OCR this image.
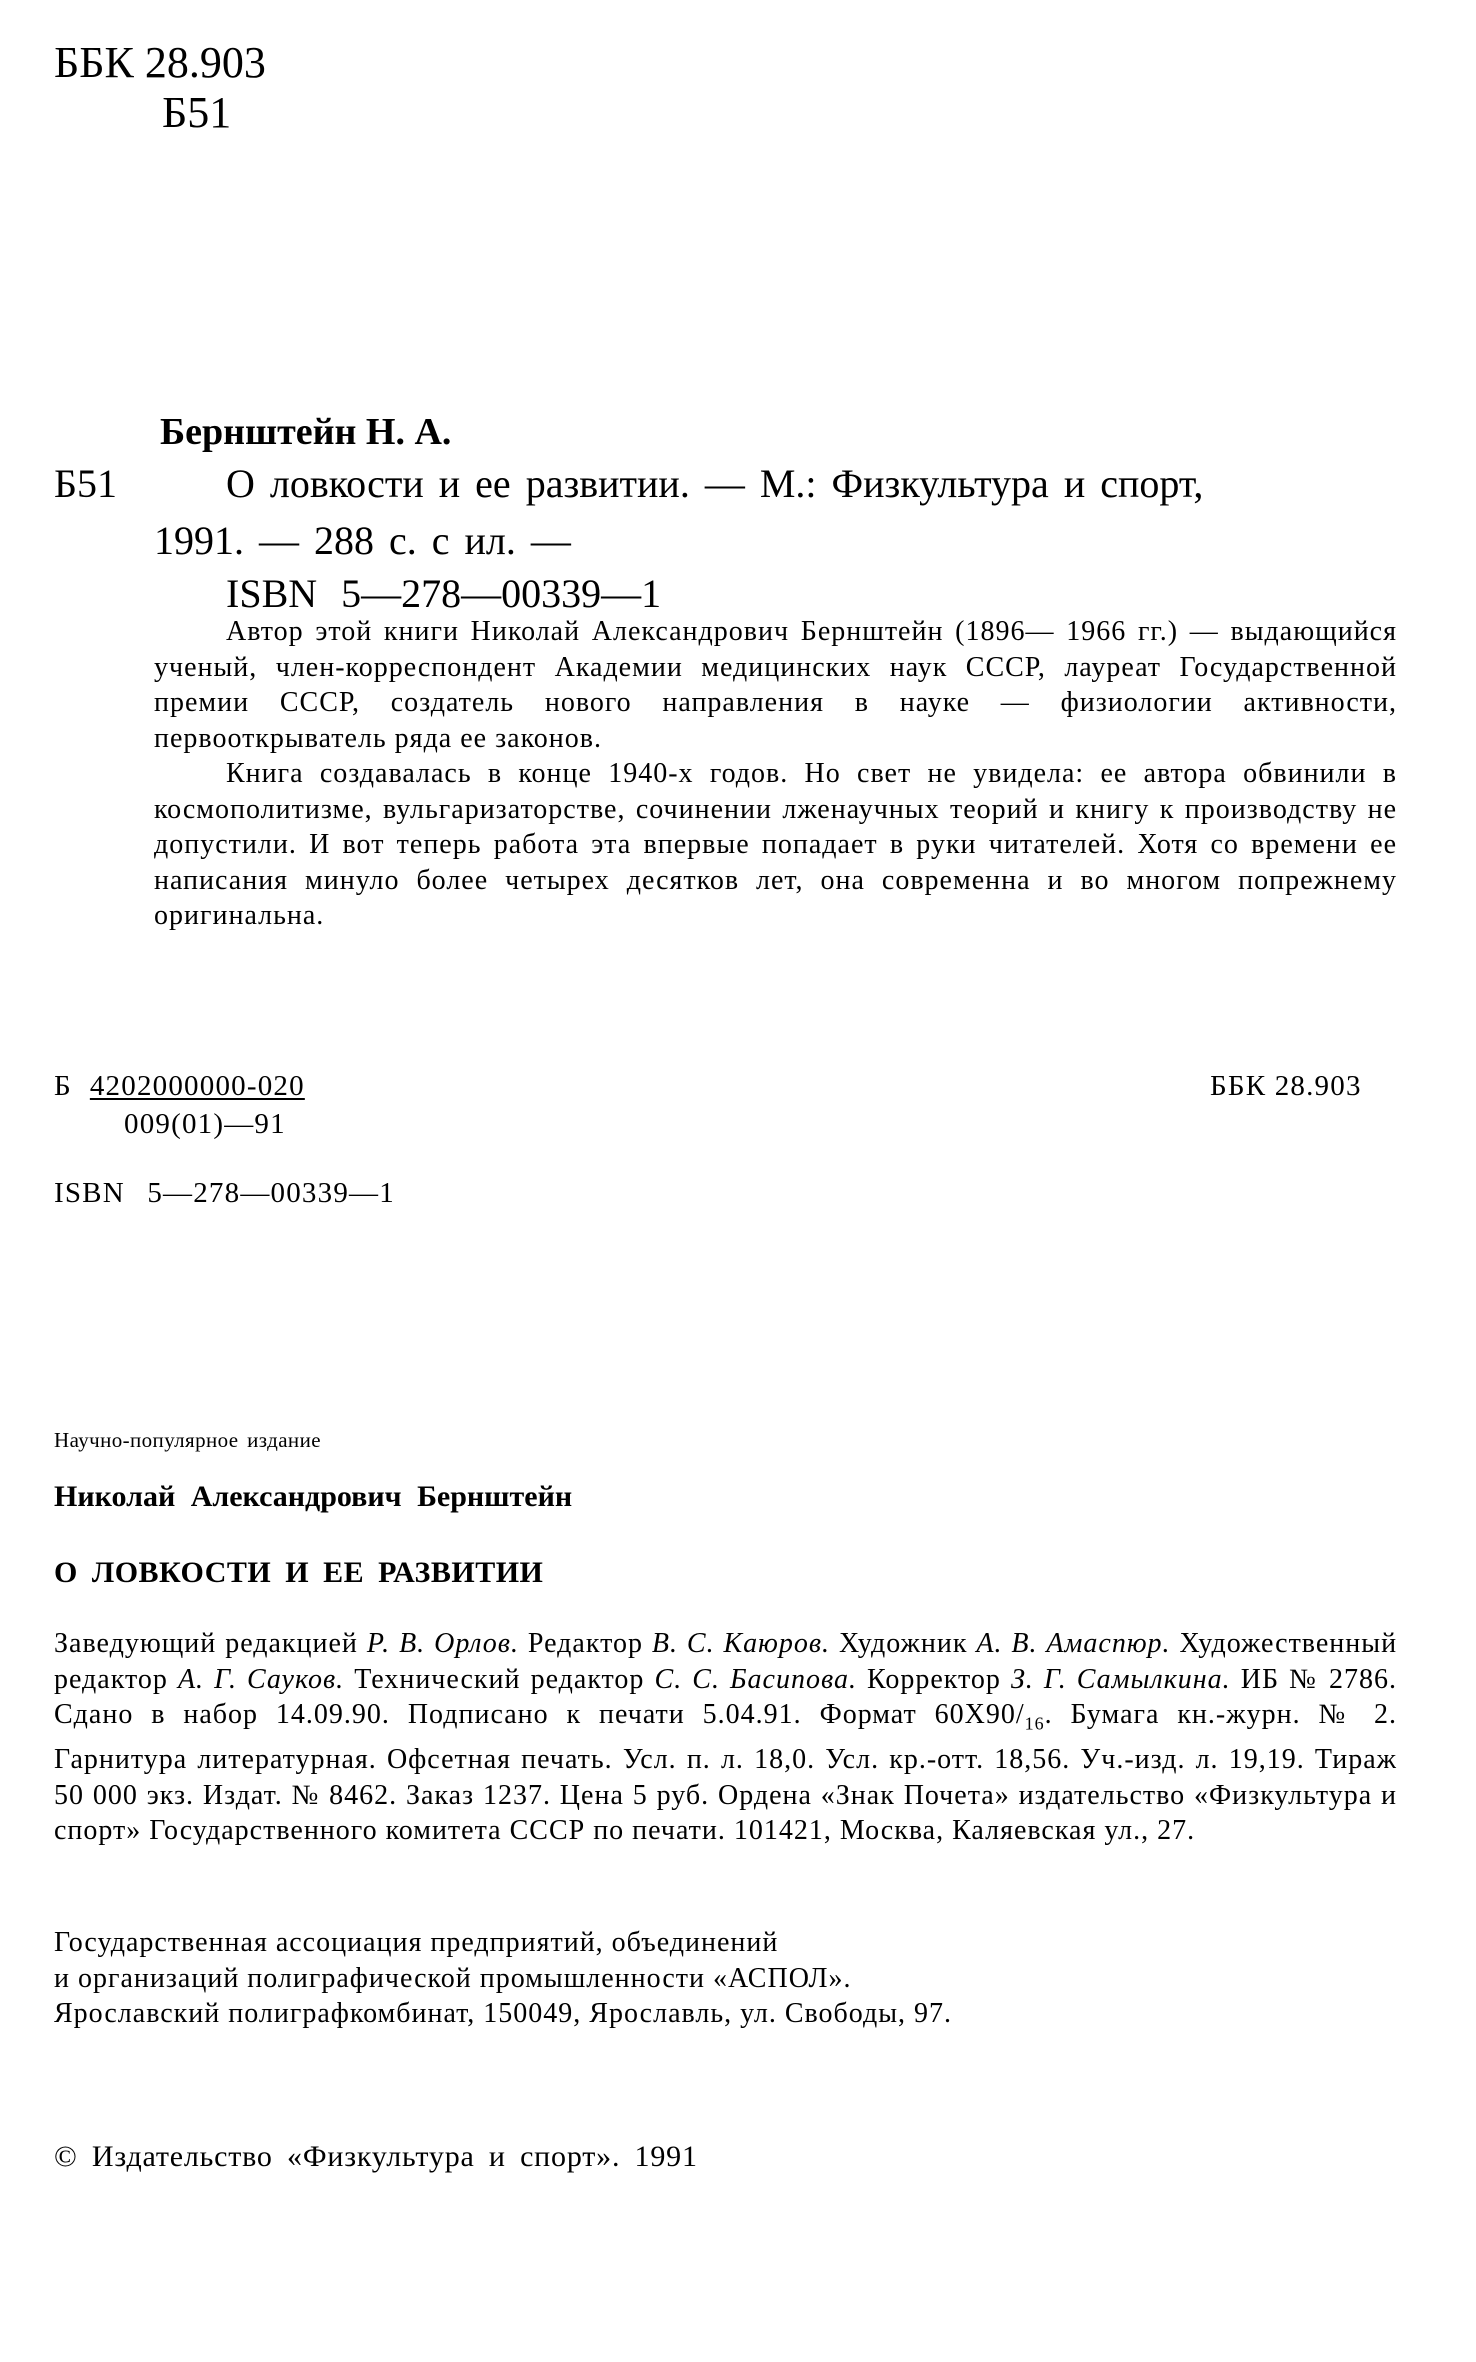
ББК 28.903
Б51
Бернштейн Н. А.
Б51	О ловкости и ее развитии. — М.: Физкультура и спорт,
1991. — 288 с. с ил. —
ISBN 5—278—00339—1

Автор этой книги Николай Александрович Бернштейн (1896— 1966 гг.) — выдающийся ученый, член-корреспондент Академии медицинских наук СССР, лауреат Государственной премии СССР, создатель нового направления в науке — физиологии активности, первооткрыватель ряда ее законов.

Книга создавалась в конце 1940-х годов. Но свет не увидела: ее автора обвинили в космополитизме, вульгаризаторстве, сочинении лженаучных теорий и книгу к производству не допустили. И вот теперь работа эта впервые попадает в руки читателей. Хотя со времени ее написания минуло более четырех десятков лет, она современна и во многом попрежнему оригинальна.

Б 4202000000-020
009(01)—91
ББК 28.903
ISBN 5—278—00339—1
Научно-популярное издание
Николай Александрович Бернштейн
О ЛОВКОСТИ И ЕЕ РАЗВИТИИ
Заведующий редакцией Р. В. Орлов. Редактор В. С. Каюров. Художник А. В. Амаспюр. Художественный редактор А. Г. Сауков. Технический редактор С. С. Басипова. Корректор З. Г. Самылкина. ИБ № 2786. Сдано в набор 14.09.90. Подписано к печати 5.04.91. Формат $60Х90/_{16}$. Бумага кн.-журн. № 2. Гарнитура литературная. Офсетная печать. Усл. п. л. 18,0. Усл. кр.-отт. 18,56. Уч.-изд. л. 19,19. Тираж 50 000 экз. Издат. № 8462. Заказ 1237. Цена 5 руб. Ордена «Знак Почета» издательство «Физкультура и спорт» Государственного комитета СССР по печати. 101421, Москва, Каляевская ул., 27.
Государственная ассоциация предприятий, объединений
и организаций полиграфической промышленности «АСПОЛ».
Ярославский полиграфкомбинат, 150049, Ярославль, ул. Свободы, 97.
© Издательство «Физкультура и спорт». 1991
